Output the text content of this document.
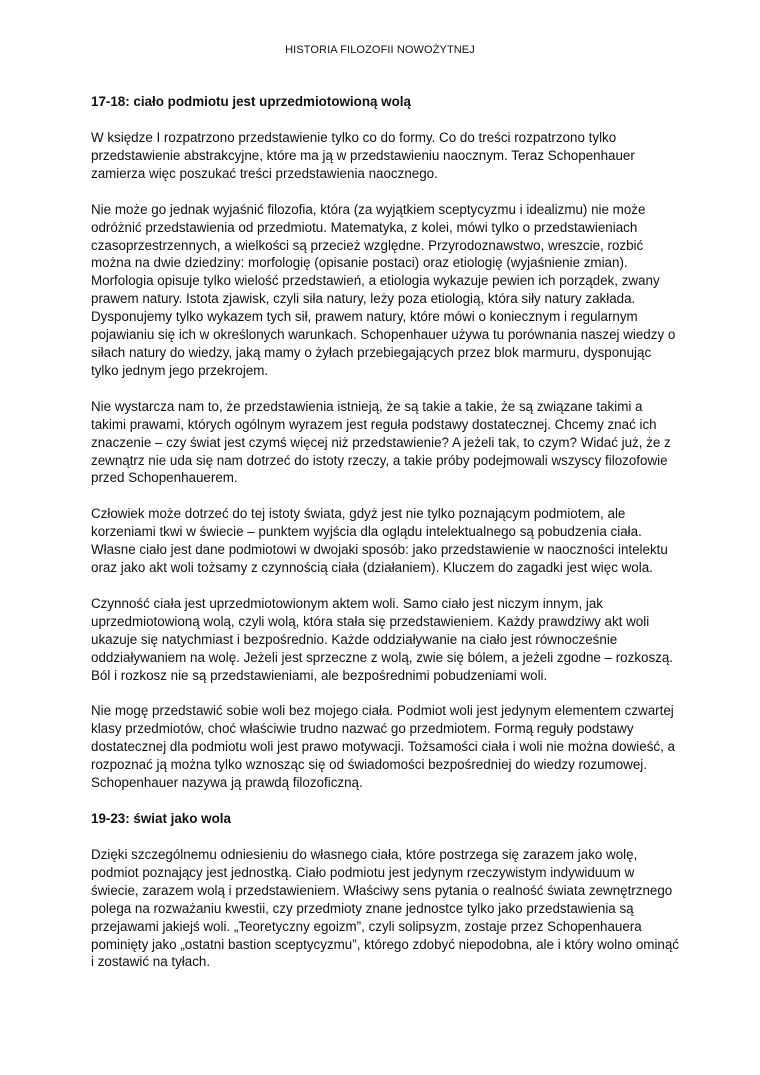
HISTORIA FILOZOFII NOWOŻYTNEJ
17-18: ciało podmiotu jest uprzedmiotowioną wolą

W księdze I rozpatrzono przedstawienie tylko co do formy. Co do treści rozpatrzono tylko przedstawienie abstrakcyjne, które ma ją w przedstawieniu naocznym. Teraz Schopenhauer zamierza więc poszukać treści przedstawienia naocznego.

Nie może go jednak wyjaśnić filozofia, która (za wyjątkiem sceptycyzmu i idealizmu) nie może odróżnić przedstawienia od przedmiotu. Matematyka, z kolei, mówi tylko o przedstawieniach czasoprzestrzennych, a wielkości są przecież względne. Przyrodoznawstwo, wreszcie, rozbić można na dwie dziedziny: morfologię (opisanie postaci) oraz etiologię (wyjaśnienie zmian). Morfologia opisuje tylko wielość przedstawień, a etiologia wykazuje pewien ich porządek, zwany prawem natury. Istota zjawisk, czyli siła natury, leży poza etiologią, która siły natury zakłada. Dysponujemy tylko wykazem tych sił, prawem natury, które mówi o koniecznym i regularnym pojawianiu się ich w określonych warunkach. Schopenhauer używa tu porównania naszej wiedzy o siłach natury do wiedzy, jaką mamy o żyłach przebiegających przez blok marmuru, dysponując tylko jednym jego przekrojem.

Nie wystarcza nam to, że przedstawienia istnieją, że są takie a takie, że są związane takimi a takimi prawami, których ogólnym wyrazem jest reguła podstawy dostatecznej. Chcemy znać ich znaczenie – czy świat jest czymś więcej niż przedstawienie? A jeżeli tak, to czym? Widać już, że z zewnątrz nie uda się nam dotrzeć do istoty rzeczy, a takie próby podejmowali wszyscy filozofowie przed Schopenhauerem.

Człowiek może dotrzeć do tej istoty świata, gdyż jest nie tylko poznającym podmiotem, ale korzeniami tkwi w świecie – punktem wyjścia dla oglądu intelektualnego są pobudzenia ciała. Własne ciało jest dane podmiotowi w dwojaki sposób: jako przedstawienie w naoczności intelektu oraz jako akt woli tożsamy z czynnością ciała (działaniem). Kluczem do zagadki jest więc wola.

Czynność ciała jest uprzedmiotowionym aktem woli. Samo ciało jest niczym innym, jak uprzedmiotowioną wolą, czyli wolą, która stała się przedstawieniem. Każdy prawdziwy akt woli ukazuje się natychmiast i bezpośrednio. Każde oddziaływanie na ciało jest równocześnie oddziaływaniem na wolę. Jeżeli jest sprzeczne z wolą, zwie się bólem, a jeżeli zgodne – rozkoszą. Ból i rozkosz nie są przedstawieniami, ale bezpośrednimi pobudzeniami woli.

Nie mogę przedstawić sobie woli bez mojego ciała. Podmiot woli jest jedynym elementem czwartej klasy przedmiotów, choć właściwie trudno nazwać go przedmiotem. Formą reguły podstawy dostatecznej dla podmiotu woli jest prawo motywacji. Tożsamości ciała i woli nie można dowieść, a rozpoznać ją można tylko wznosząc się od świadomości bezpośredniej do wiedzy rozumowej. Schopenhauer nazywa ją prawdą filozoficzną.

19-23: świat jako wola

Dzięki szczególnemu odniesieniu do własnego ciała, które postrzega się zarazem jako wolę, podmiot poznający jest jednostką. Ciało podmiotu jest jedynym rzeczywistym indywiduum w świecie, zarazem wolą i przedstawieniem. Właściwy sens pytania o realność świata zewnętrznego polega na rozważaniu kwestii, czy przedmioty znane jednostce tylko jako przedstawienia są przejawami jakiejś woli. „Teoretyczny egoizm”, czyli solipsyzm, zostaje przez Schopenhauera pominięty jako „ostatni bastion sceptycyzmu”, którego zdobyć niepodobna, ale i który wolno ominąć i zostawić na tyłach.
